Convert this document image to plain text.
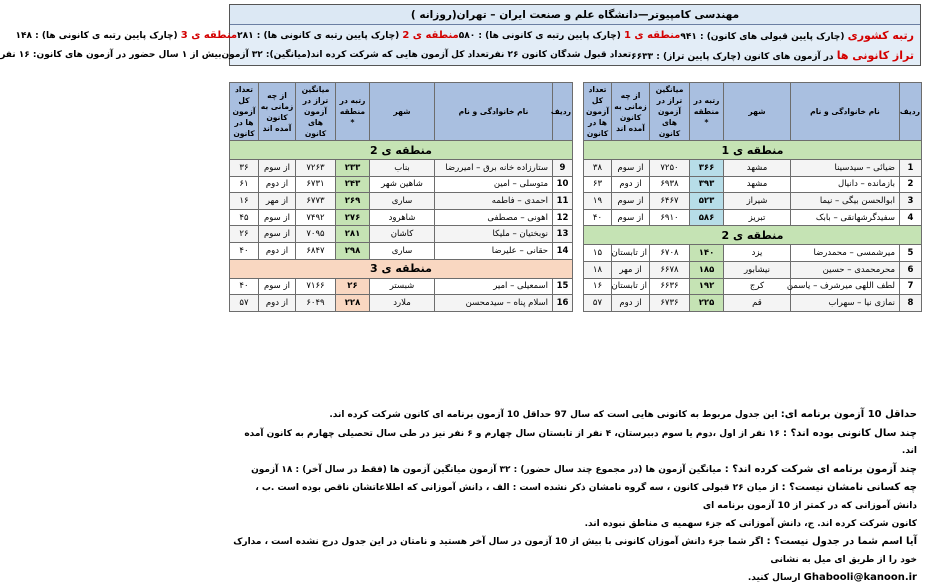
مهندسی کامپیوتر—دانشگاه علم و صنعت ایران – تهران(روزانه )
رتبه کشوری (چارک پایین قبولی های کانون) : ۹۴۱
منطقه ی 1 (چارک پایین رتبه ی کانونی ها) : ۵۸۰
منطقه ی 2 (چارک پایین رتبه ی کانونی ها) : ۲۸۱
منطقه ی 3 (چارک پایین رتبه ی کانونی ها) : ۱۴۸
تراز کانونی ها در آزمون های کانون (چارک پایین تراز) : ۶۶۳۳
تعداد قبول شدگان کانون ۲۶ نفر
تعداد کل آزمون هایی که شرکت کرده اند(میانگین): ۳۲ آزمون
بیش از ۱ سال حضور در آزمون های کانون: ۱۶ نفر
ردیف	نام خانوادگی و نام	شهر	رتبه در منطقه *	میانگین تراز در آزمون های کانون	از چه زمانی به کانون آمده اند	تعداد کل آزمون ها در کانون
منطقه ی 1						
1	ضیائی – سیدسینا	مشهد	۳۶۶	۷۲۵۰	از سوم	۳۸
2	بازمانده – دانیال	مشهد	۳۹۳	۶۹۳۸	از دوم	۶۳
3	ابوالحسن بیگی – نیما	شیراز	۵۲۳	۶۴۶۷	از سوم	۱۹
4	سفیدگرشهانقی – بابک	تبریز	۵۸۶	۶۹۱۰	از سوم	۴۰
منطقه ی 2						
5	میرشمسی – محمدرضا	یزد	۱۴۰	۶۷۰۸	از تابستان	۱۵
6	محرمحمدی – حسین	نیشابور	۱۸۵	۶۶۷۸	از مهر	۱۸
7	لطف اللهی میرشرف – یاسمن	کرج	۱۹۲	۶۶۳۶	از تابستان	۱۶
8	نمازی نیا – سهراب	قم	۲۲۵	۶۷۳۶	از دوم	۵۷
ردیف	نام خانوادگی و نام	شهر	رتبه در منطقه *	میانگین تراز در آزمون های کانون	از چه زمانی به کانون آمده اند	تعداد کل آزمون ها در کانون
منطقه ی 2						
9	ستارزاده خانه برق – امیررضا	بناب	۲۳۳	۷۲۶۳	از سوم	۳۶
10	متوسلی – امین	شاهین شهر	۲۴۳	۶۷۳۱	از دوم	۶۱
11	احمدی – فاطمه	ساری	۲۶۹	۶۷۷۳	از مهر	۱۶
12	اهونی – مصطفی	شاهرود	۲۷۶	۷۴۹۲	از سوم	۴۵
13	نوبختیان – ملیکا	کاشان	۲۸۱	۷۰۹۵	از سوم	۲۶
14	حقانی – علیرضا	ساری	۲۹۸	۶۸۴۷	از دوم	۴۰
منطقه ی 3						
15	اسمعیلی – امیر	شبستر	۲۶	۷۱۶۶	از سوم	۴۰
16	اسلام پناه – سیدمحسن	ملارد	۲۲۸	۶۰۴۹	از دوم	۵۷
حداقل 10 آزمون برنامه ای: این جدول مربوط به کانونی هایی است که سال 97 حداقل 10 آزمون برنامه ای کانون شرکت کرده اند.
چند سال کانونی بوده اند؟ : ۱۶ نفر از اول ،دوم یا سوم دبیرستان، ۴ نفر از تابستان سال چهارم و ۶ نفر نیز در طی سال تحصیلی چهارم به کانون آمده اند.
چند آزمون برنامه ای شرکت کرده اند؟ : میانگین آزمون ها (در مجموع چند سال حضور) : ۳۲ آزمون میانگین آزمون ها (فقط در سال آخر) : ۱۸ آزمون
چه کسانی نامشان نیست؟ : از میان ۲۶ قبولی کانون ، سه گروه نامشان ذکر نشده است : الف ، دانش آموزانی که اطلاعاتشان ناقص بوده است .ب ، دانش آموزانی که در کمتر از 10 آزمون برنامه ای
کانون شرکت کرده اند. ج، دانش آموزانی که جزء سهمیه ی مناطق نبوده اند.
آیا اسم شما در جدول نیست؟ : اگر شما جزء دانش آموزان کانونی با بیش از 10 آزمون در سال آخر هستید و نامتان در این جدول درج نشده است ، مدارک خود را از طریق ای میل به نشانی
Ghabooli@kanoon.ir ارسال کنید.
